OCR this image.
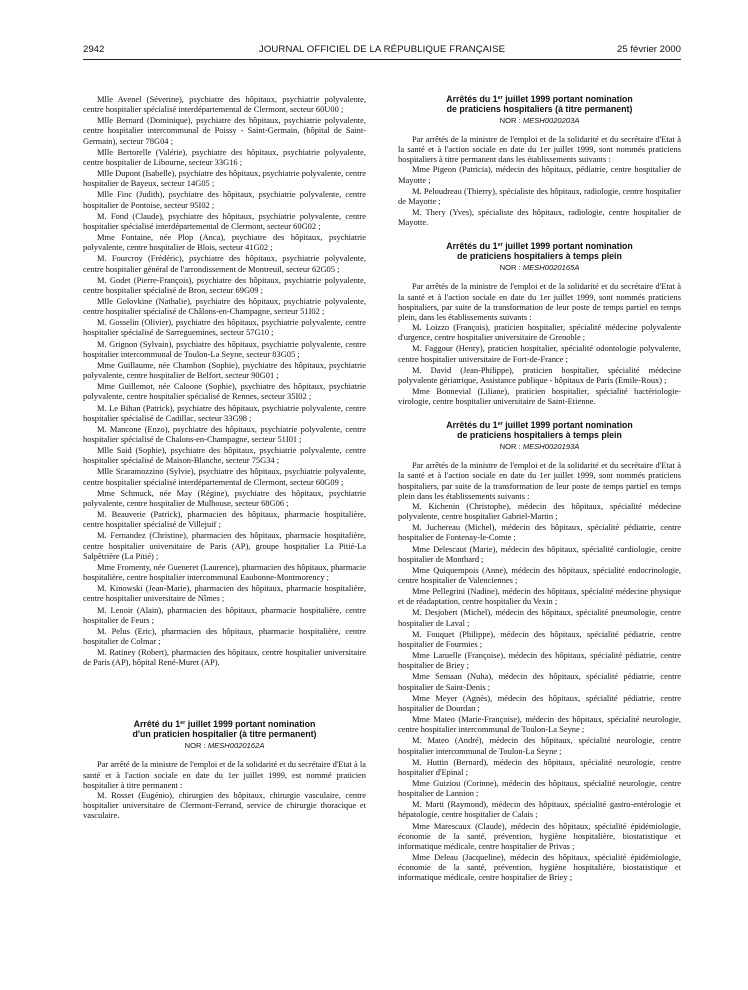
2942	JOURNAL OFFICIEL DE LA RÉPUBLIQUE FRANÇAISE	25 février 2000

Mlle Avenel (Séverine), psychiatre des hôpitaux, psychiatrie polyvalente, centre hospitalier spécialisé interdépartemental de Clermont, secteur 60U00 ;

Mlle Bernard (Dominique), psychiatre des hôpitaux, psychiatrie polyvalente, centre hospitalier intercommunal de Poissy - Saint-Germain, (hôpital de Saint-Germain), secteur 78G04 ;

Mlle Bertorelle (Valérie), psychiatre des hôpitaux, psychiatrie polyvalente, centre hospitalier de Libourne, secteur 33G16 ;

Mlle Dupont (Isabelle), psychiatre des hôpitaux, psychiatrie polyvalente, centre hospitalier de Bayeux, secteur 14G05 ;

Mlle Finc (Judith), psychiatre des hôpitaux, psychiatrie polyvalente, centre hospitalier de Pontoise, secteur 95I02 ;

M. Fond (Claude), psychiatre des hôpitaux, psychiatrie polyvalente, centre hospitalier spécialisé interdépartemental de Clermont, secteur 60G02 ;

Mme Fontaine, née Plop (Anca), psychiatre des hôpitaux, psychiatrie polyvalente, centre hospitalier de Blois, secteur 41G02 ;

M. Fourcroy (Frédéric), psychiatre des hôpitaux, psychiatrie polyvalente, centre hospitalier général de l'arrondissement de Montreuil, secteur 62G05 ;

M. Godet (Pierre-François), psychiatre des hôpitaux, psychiatrie polyvalente, centre hospitalier spécialisé de Bron, secteur 69G09 ;

Mlle Golovkine (Nathalie), psychiatre des hôpitaux, psychiatrie polyvalente, centre hospitalier spécialisé de Châlons-en-Champagne, secteur 51I02 ;

M. Gosselin (Olivier), psychiatre des hôpitaux, psychiatrie polyvalente, centre hospitalier spécialisé de Sarreguemines, secteur 57G10 ;

M. Grignon (Sylvain), psychiatre des hôpitaux, psychiatrie polyvalente, centre hospitalier intercommunal de Toulon-La Seyne, secteur 83G05 ;

Mme Guillaume, née Chambon (Sophie), psychiatre des hôpitaux, psychiatrie polyvalente, centre hospitalier de Belfort, secteur 90G01 ;

Mme Guillemot, née Caloone (Sophie), psychiatre des hôpitaux, psychiatrie polyvalente, centre hospitalier spécialisé de Rennes, secteur 35I02 ;

M. Le Bihan (Patrick), psychiatre des hôpitaux, psychiatrie polyvalente, centre hospitalier spécialisé de Cadillac, secteur 33G98 ;

M. Mancone (Enzo), psychiatre des hôpitaux, psychiatrie polyvalente, centre hospitalier spécialisé de Chalons-en-Champagne, secteur 51I01 ;

Mlle Said (Sophie), psychiatre des hôpitaux, psychiatrie polyvalente, centre hospitalier spécialisé de Maison-Blanche, secteur 75G34 ;

Mlle Scaramozzino (Sylvie), psychiatre des hôpitaux, psychiatrie polyvalente, centre hospitalier spécialisé interdépartemental de Clermont, secteur 60G09 ;

Mme Schmuck, née May (Régine), psychiatre des hôpitaux, psychiatrie polyvalente, centre hospitalier de Mulhouse, secteur 68G06 ;

M. Beauverie (Patrick), pharmacien des hôpitaux, pharmacie hospitalière, centre hospitalier spécialisé de Villejuif ;

M. Fernandez (Christine), pharmacien des hôpitaux, pharmacie hospitalière, centre hospitalier universitaire de Paris (AP), groupe hospitalier La Pitié-La Salpêtrière (La Pitié) ;

Mme Fromenty, née Gueneret (Laurence), pharmacien des hôpitaux, pharmacie hospitalière, centre hospitalier intercommunal Eaubonne-Montmorency ;

M. Kinowski (Jean-Marie), pharmacien des hôpitaux, pharmacie hospitalière, centre hospitalier universitaire de Nîmes ;

M. Lenoir (Alain), pharmacien des hôpitaux, pharmacie hospitalière, centre hospitalier de Feurs ;

M. Pelus (Eric), pharmacien des hôpitaux, pharmacie hospitalière, centre hospitalier de Colmar ;

M. Ratiney (Robert), pharmacien des hôpitaux, centre hospitalier universitaire de Paris (AP), hôpital René-Muret (AP).

Arrêté du 1er juillet 1999 portant nomination
d'un praticien hospitalier (à titre permanent)
NOR : MESH0020162A

Par arrêté de la ministre de l'emploi et de la solidarité et du secrétaire d'Etat à la santé et à l'action sociale en date du 1er juillet 1999, est nommé praticien hospitalier à titre permanent :

M. Rosset (Eugénio), chirurgien des hôpitaux, chirurgie vasculaire, centre hospitalier universitaire de Clermont-Ferrand, service de chirurgie thoracique et vasculaire.

Arrêtés du 1er juillet 1999 portant nomination
de praticiens hospitaliers (à titre permanent)
NOR : MESH0020203A

Par arrêtés de la ministre de l'emploi et de la solidarité et du secrétaire d'Etat à la santé et à l'action sociale en date du 1er juillet 1999, sont nommés praticiens hospitaliers à titre permanent dans les établissements suivants :

Mme Pigeon (Patricia), médecin des hôpitaux, pédiatrie, centre hospitalier de Mayotte ;

M. Peloudreau (Thierry), spécialiste des hôpitaux, radiologie, centre hospitalier de Mayotte ;

M. Thery (Yves), spécialiste des hôpitaux, radiologie, centre hospitalier de Mayotte.

Arrêtés du 1er juillet 1999 portant nomination
de praticiens hospitaliers à temps plein
NOR : MESH0020165A

Par arrêtés de la ministre de l'emploi et de la solidarité et du secrétaire d'Etat à la santé et à l'action sociale en date du 1er juillet 1999, sont nommés praticiens hospitaliers, par suite de la transformation de leur poste de temps partiel en temps plein, dans les établissements suivants :

M. Loizzo (François), praticien hospitalier, spécialité médecine polyvalente d'urgence, centre hospitalier universitaire de Grenoble ;

M. Faggour (Henry), praticien hospitalier, spécialité odontologie polyvalente, centre hospitalier universitaire de Fort-de-France ;

M. David (Jean-Philippe), praticien hospitalier, spécialité médecine polyvalente gériatrique, Assistance publique - hôpitaux de Paris (Emile-Roux) ;

Mme Bonnevial (Liliane), praticien hospitalier, spécialité bactériologie-virologie, centre hospitalier universitaire de Saint-Etienne.

Arrêtés du 1er juillet 1999 portant nomination
de praticiens hospitaliers à temps plein
NOR : MESH0020193A

Par arrêtés de la ministre de l'emploi et de la solidarité et du secrétaire d'Etat à la santé et à l'action sociale en date du 1er juillet 1999, sont nommés praticiens hospitaliers, par suite de la transformation de leur poste de temps partiel en temps plein dans les établissements suivants :

M. Kichenin (Christophe), médecin des hôpitaux, spécialité médecine polyvalente, centre hospitalier Gabriel-Martin ;

M. Juchereau (Michel), médecin des hôpitaux, spécialité pédiatrie, centre hospitalier de Fontenay-le-Comte ;

Mme Delescaut (Marie), médecin des hôpitaux, spécialité cardiologie, centre hospitalier de Montbard ;

Mme Quiquempois (Anne), médecin des hôpitaux, spécialité endocrinologie, centre hospitalier de Valenciennes ;

Mme Pellegrini (Nadine), médecin des hôpitaux, spécialité médecine physique et de réadaptation, centre hospitalier du Vexin ;

M. Desjobert (Michel), médecin des hôpitaux, spécialité pneumologie, centre hospitalier de Laval ;

M. Fouquet (Philippe), médecin des hôpitaux, spécialité pédiatrie, centre hospitalier de Fourmies ;

Mme Laruelle (Françoise), médecin des hôpitaux, spécialité pédiatrie, centre hospitalier de Briey ;

Mme Semaan (Nuha), médecin des hôpitaux, spécialité pédiatrie, centre hospitalier de Saint-Denis ;

Mme Meyer (Agnès), médecin des hôpitaux, spécialité pédiatrie, centre hospitalier de Dourdan ;

Mme Mateo (Marie-Françoise), médecin des hôpitaux, spécialité neurologie, centre hospitalier intercommunal de Toulon-La Seyne ;

M. Mateo (André), médecin des hôpitaux, spécialité neurologie, centre hospitalier intercommunal de Toulon-La Seyne ;

M. Huttin (Bernard), médecin des hôpitaux, spécialité neurologie, centre hospitalier d'Epinal ;

Mme Guiziou (Corinne), médecin des hôpitaux, spécialité neurologie, centre hospitalier de Lannion ;

M. Marti (Raymond), médecin des hôpitaux, spécialité gastro-entérologie et hépatologie, centre hospitalier de Calais ;

Mme Marescaux (Claude), médecin des hôpitaux, spécialité épidémiologie, économie de la santé, prévention, hygiène hospitalière, biostatistique et informatique médicale, centre hospitalier de Privas ;

Mme Deleau (Jacqueline), médecin des hôpitaux, spécialité épidémiologie, économie de la santé, prévention, hygiène hospitalière, biostatistique et informatique médicale, centre hospitalier de Briey ;
